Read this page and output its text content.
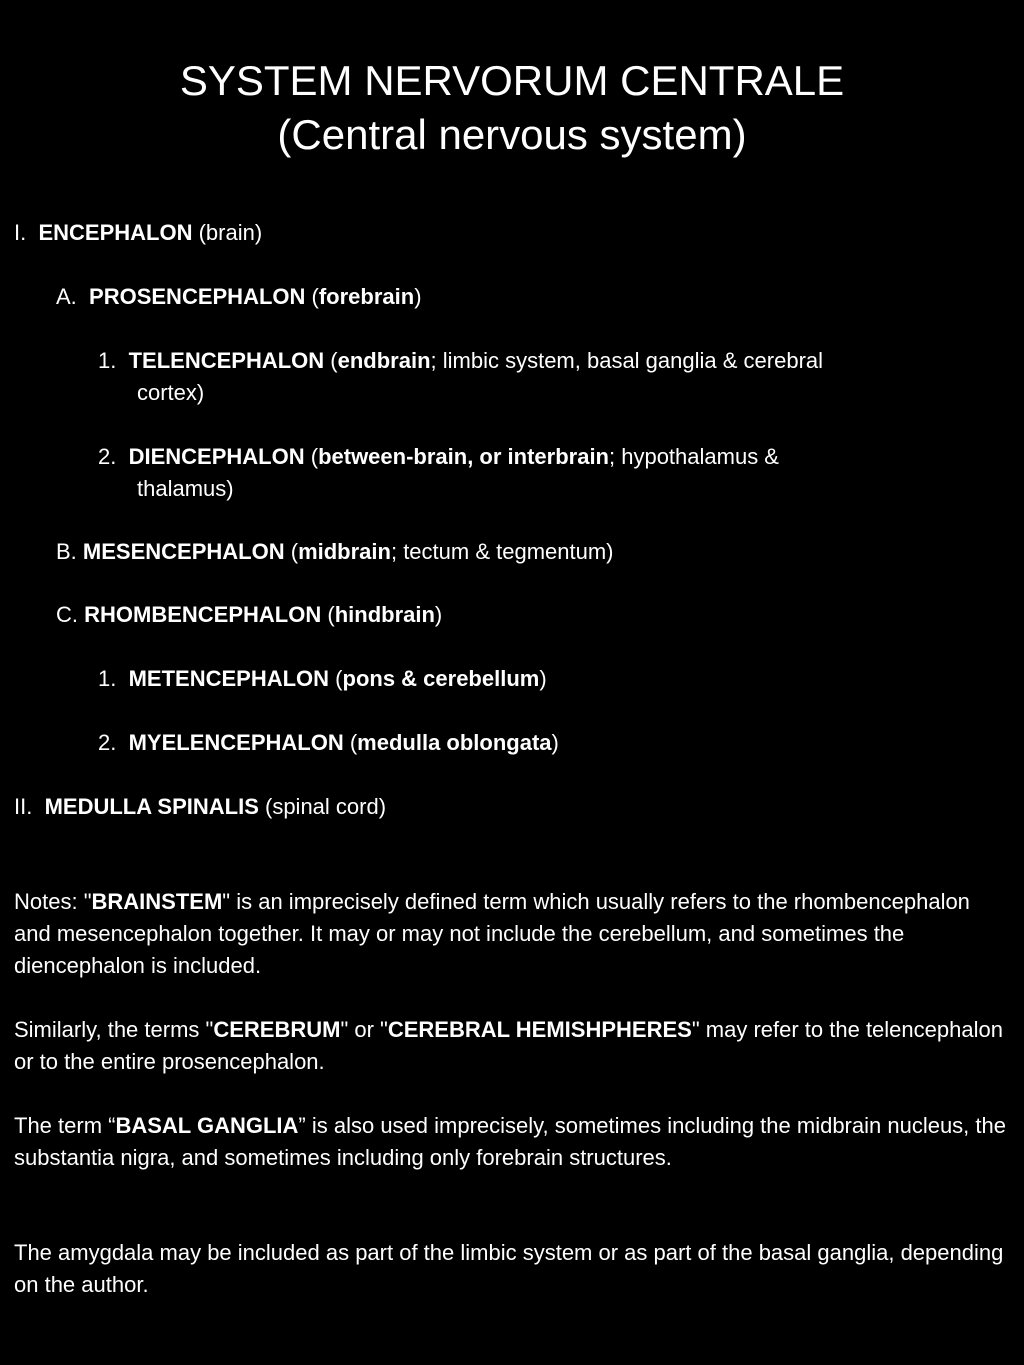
SYSTEM NERVORUM CENTRALE
(Central nervous system)
I. ENCEPHALON (brain)
A. PROSENCEPHALON (forebrain)
1. TELENCEPHALON (endbrain; limbic system, basal ganglia & cerebral
cortex)
2. DIENCEPHALON (between-brain, or interbrain; hypothalamus &
thalamus)
B. MESENCEPHALON (midbrain; tectum & tegmentum)
C. RHOMBENCEPHALON (hindbrain)
1. METENCEPHALON (pons & cerebellum)
2. MYELENCEPHALON (medulla oblongata)
II. MEDULLA SPINALIS (spinal cord)
Notes: "BRAINSTEM" is an imprecisely defined term which usually refers to the rhombencephalon and mesencephalon together. It may or may not include the cerebellum, and sometimes the diencephalon is included.
Similarly, the terms "CEREBRUM" or "CEREBRAL HEMISHPHERES" may refer to the telencephalon or to the entire prosencephalon.
The term “BASAL GANGLIA” is also used imprecisely, sometimes including the midbrain nucleus, the substantia nigra, and sometimes including only forebrain structures.
The amygdala may be included as part of the limbic system or as part of the basal ganglia, depending on the author.
